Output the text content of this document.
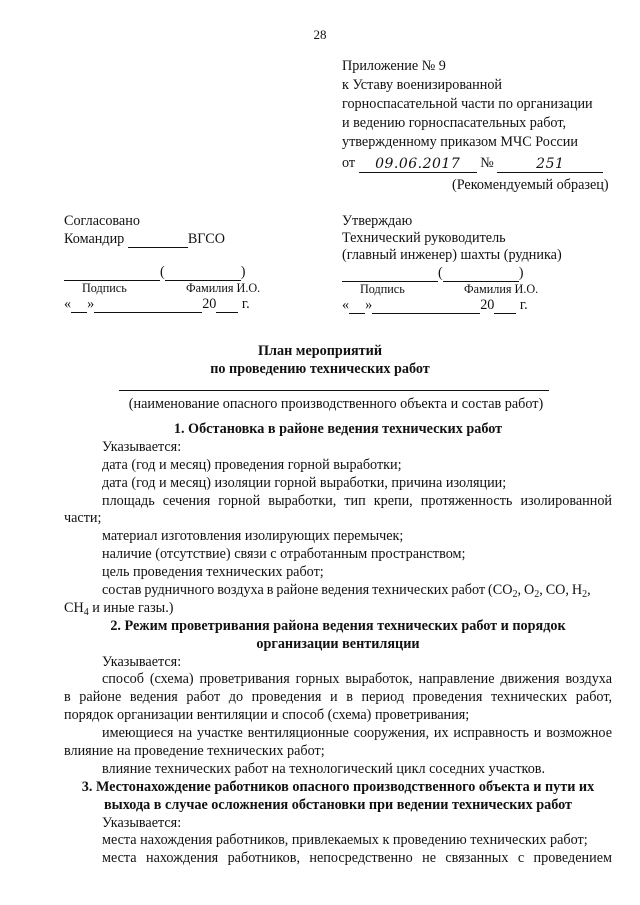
28
Приложение № 9
к Уставу военизированной
горноспасательной части по организации
и ведению горноспасательных работ,
утвержденному приказом МЧС России
от 09.06.2017 №	251
(Рекомендуемый образец)
Согласовано
Командир	ВГСО
(	)
Подпись	Фамилия И.О.
« »	20 г.
Утверждаю
Технический руководитель
(главный инженер) шахты (рудника)
(	)
Подпись	Фамилия И.О.
« »	20 г.
План мероприятий
по проведению технических работ
(наименование опасного производственного объекта и состав работ)
1. Обстановка в районе ведения технических работ
Указывается:
дата (год и месяц) проведения горной выработки;
дата (год и месяц) изоляции горной выработки, причина изоляции;
площадь сечения горной выработки, тип крепи, протяженность изолированной
части;
материал изготовления изолирующих перемычек;
наличие (отсутствие) связи с отработанным пространством;
цель проведения технических работ;
состав рудничного воздуха в районе ведения технических работ ($CO_2$, $O_2$, CO, $H_2$,
$CH_4$ и иные газы.)
2. Режим проветривания района ведения технических работ и порядок
организации вентиляции
Указывается:
способ (схема) проветривания горных выработок, направление движения воздуха
в районе ведения работ до проведения и в период проведения технических работ,
порядок организации вентиляции и способ (схема) проветривания;
имеющиеся на участке вентиляционные сооружения, их исправность и возможное
влияние на проведение технических работ;
влияние технических работ на технологический цикл соседних участков.
3. Местонахождение работников опасного производственного объекта и пути их
выхода в случае осложнения обстановки при ведении технических работ
Указывается:
места нахождения работников, привлекаемых к проведению технических работ;
места нахождения работников, непосредственно не связанных с проведением
